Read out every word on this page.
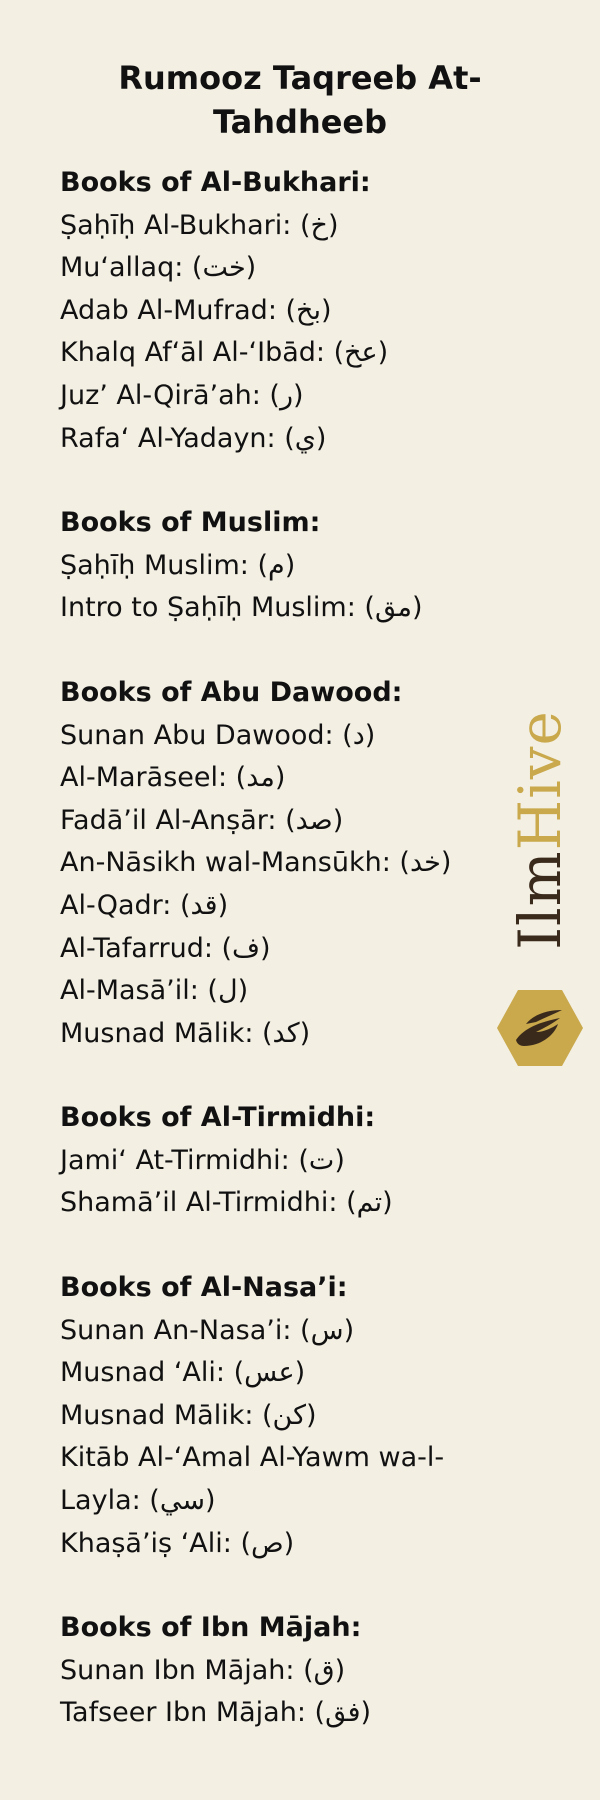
Rumooz Taqreeb At-Tahdheeb

Books of Al-Bukhari:

Ṣaḥīḥ Al-Bukhari: (خ)

Mu‘allaq: (خت)

Adab Al-Mufrad: (بخ)

Khalq Af‘āl Al-‘Ibād: (عخ)

Juz’ Al-Qirā’ah: (ر)

Rafa‘ Al-Yadayn: (ي)

Books of Muslim:

Ṣaḥīḥ Muslim: (م)

Intro to Ṣaḥīḥ Muslim: (مق)

Books of Abu Dawood:

Sunan Abu Dawood: (د)

Al-Marāseel: (مد)

Fadā’il Al-Anṣār: (صد)

An-Nāsikh wal-Mansūkh: (خد)

Al-Qadr: (قد)

Al-Tafarrud: (ف)

Al-Masā’il: (ل)

Musnad Mālik: (كد)

Books of Al-Tirmidhi:

Jami‘ At-Tirmidhi: (ت)

Shamā’il Al-Tirmidhi: (تم)

Books of Al-Nasa’i:

Sunan An-Nasa’i: (س)

Musnad ‘Ali: (عس)

Musnad Mālik: (كن)

Kitāb Al-‘Amal Al-Yawm wa-l-Layla: (سي)

Khaṣā’iṣ ‘Ali: (ص)

Books of Ibn Mājah:

Sunan Ibn Mājah: (ق)

Tafseer Ibn Mājah: (فق)

IlmHive
